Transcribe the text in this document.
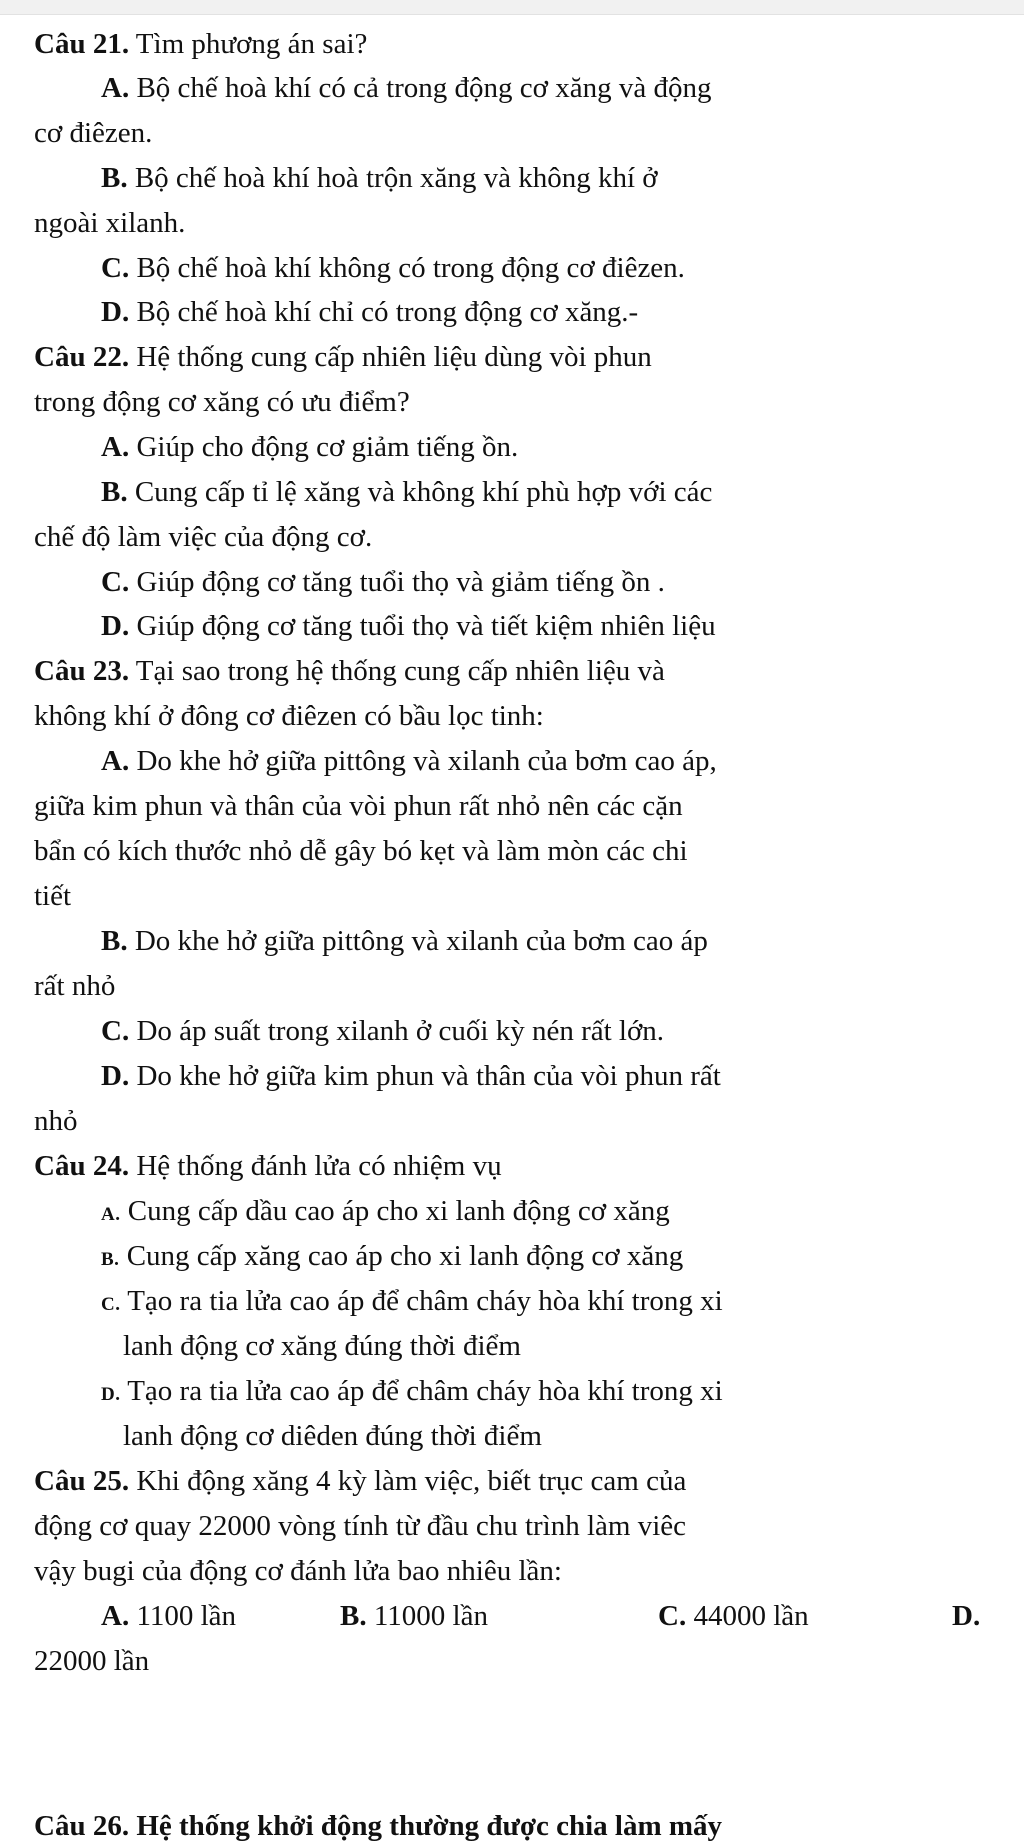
Câu 21. Tìm phương án sai?
A. Bộ chế hoà khí có cả trong động cơ xăng và động
cơ điêzen.
B. Bộ chế hoà khí hoà trộn xăng và không khí ở
ngoài xilanh.
C. Bộ chế hoà khí không có trong động cơ điêzen.
D. Bộ chế hoà khí chỉ có trong động cơ xăng.-
Câu 22. Hệ thống cung cấp nhiên liệu dùng vòi phun
trong động cơ xăng có ưu điểm?
A. Giúp cho động cơ giảm tiếng ồn.
B. Cung cấp tỉ lệ xăng và không khí phù hợp với các
chế độ làm việc của động cơ.
C. Giúp động cơ tăng tuổi thọ và giảm tiếng ồn .
D. Giúp động cơ tăng tuổi thọ và tiết kiệm nhiên liệu
Câu 23. Tại sao trong hệ thống cung cấp nhiên liệu và
không khí ở đông cơ điêzen có bầu lọc tinh:
A. Do khe hở giữa pittông và xilanh của bơm cao áp,
giữa kim phun và thân của vòi phun rất nhỏ nên các cặn
bẩn có kích thước nhỏ dễ gây bó kẹt và làm mòn các chi
tiết
B. Do khe hở giữa pittông và xilanh của bơm cao áp
rất nhỏ
C. Do áp suất trong xilanh ở cuối kỳ nén rất lớn.
D. Do khe hở giữa kim phun và thân của vòi phun rất
nhỏ
Câu 24. Hệ thống đánh lửa có nhiệm vụ
A. Cung cấp dầu cao áp cho xi lanh động cơ xăng
B. Cung cấp xăng cao áp cho xi lanh động cơ xăng
C. Tạo ra tia lửa cao áp để châm cháy hòa khí trong xi
lanh động cơ xăng đúng thời điểm
D. Tạo ra tia lửa cao áp để châm cháy hòa khí trong xi
lanh động cơ diêden đúng thời điểm
Câu 25. Khi động xăng 4 kỳ làm việc, biết trục cam của
động cơ quay 22000 vòng tính từ đầu chu trình làm viêc
vậy bugi của động cơ đánh lửa bao nhiêu lần:
A. 1100 lần	B. 11000 lần	C. 44000 lần	D.
22000 lần
Câu 26. Hệ thống khởi động thường được chia làm mấy
